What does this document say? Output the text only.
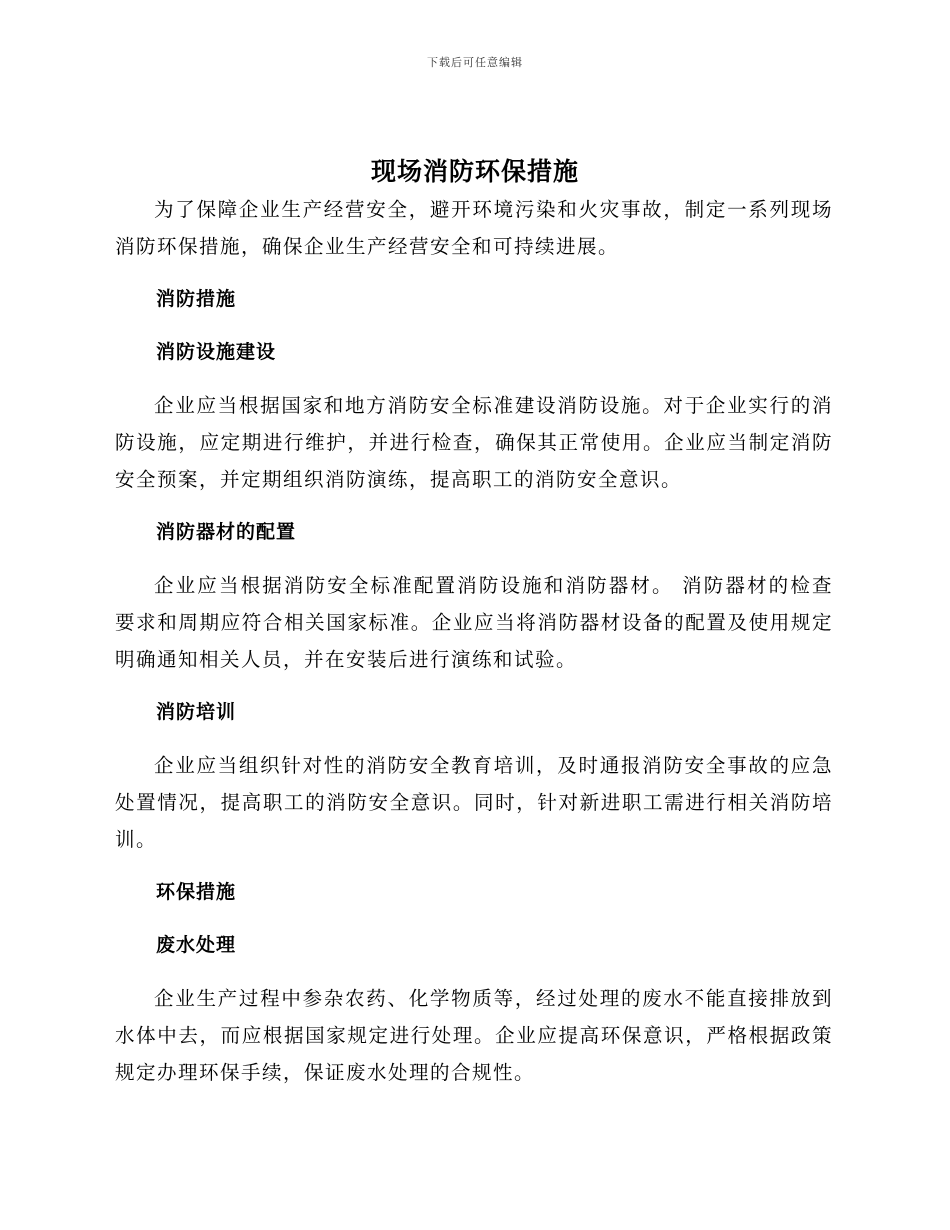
下载后可任意编辑
现场消防环保措施

为了保障企业生产经营安全，避开环境污染和火灾事故，制定一系列现场消防环保措施，确保企业生产经营安全和可持续进展。

消防措施
消防设施建设

企业应当根据国家和地方消防安全标准建设消防设施。对于企业实行的消防设施，应定期进行维护，并进行检查，确保其正常使用。企业应当制定消防安全预案，并定期组织消防演练，提高职工的消防安全意识。

消防器材的配置

企业应当根据消防安全标准配置消防设施和消防器材。 消防器材的检查要求和周期应符合相关国家标准。企业应当将消防器材设备的配置及使用规定明确通知相关人员，并在安装后进行演练和试验。

消防培训

企业应当组织针对性的消防安全教育培训，及时通报消防安全事故的应急处置情况，提高职工的消防安全意识。同时，针对新进职工需进行相关消防培训。

环保措施
废水处理

企业生产过程中参杂农药、化学物质等，经过处理的废水不能直接排放到水体中去，而应根据国家规定进行处理。企业应提高环保意识，严格根据政策规定办理环保手续，保证废水处理的合规性。
